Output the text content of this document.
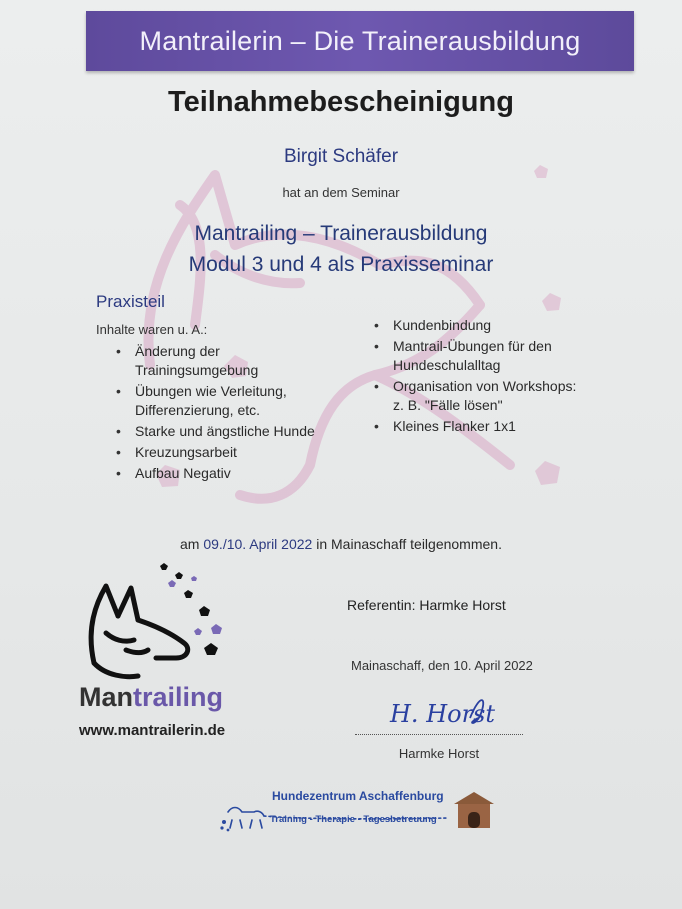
Mantrailerin – Die Trainerausbildung
Teilnahmebescheinigung
Birgit Schäfer
hat an dem Seminar
Mantrailing – Trainerausbildung
Modul 3 und 4 als Praxisseminar
Praxisteil
Inhalte waren u. A.:
• Änderung der
Trainingsumgebung
• Übungen wie Verleitung,
Differenzierung, etc.
• Starke und ängstliche Hunde
• Kreuzungsarbeit
• Aufbau Negativ
• Kundenbindung
• Mantrail-Übungen für den
Hundeschulalltag
• Organisation von Workshops:
z. B. "Fälle lösen"
• Kleines Flanker 1x1
am 09./10. April 2022 in Mainaschaff teilgenommen.
Mantrailing
www.mantrailerin.de
Referentin: Harmke Horst
Mainaschaff, den 10. April 2022
H. Horst
Harmke Horst
Hundezentrum Aschaffenburg
Training - Therapie - Tagesbetreuung
